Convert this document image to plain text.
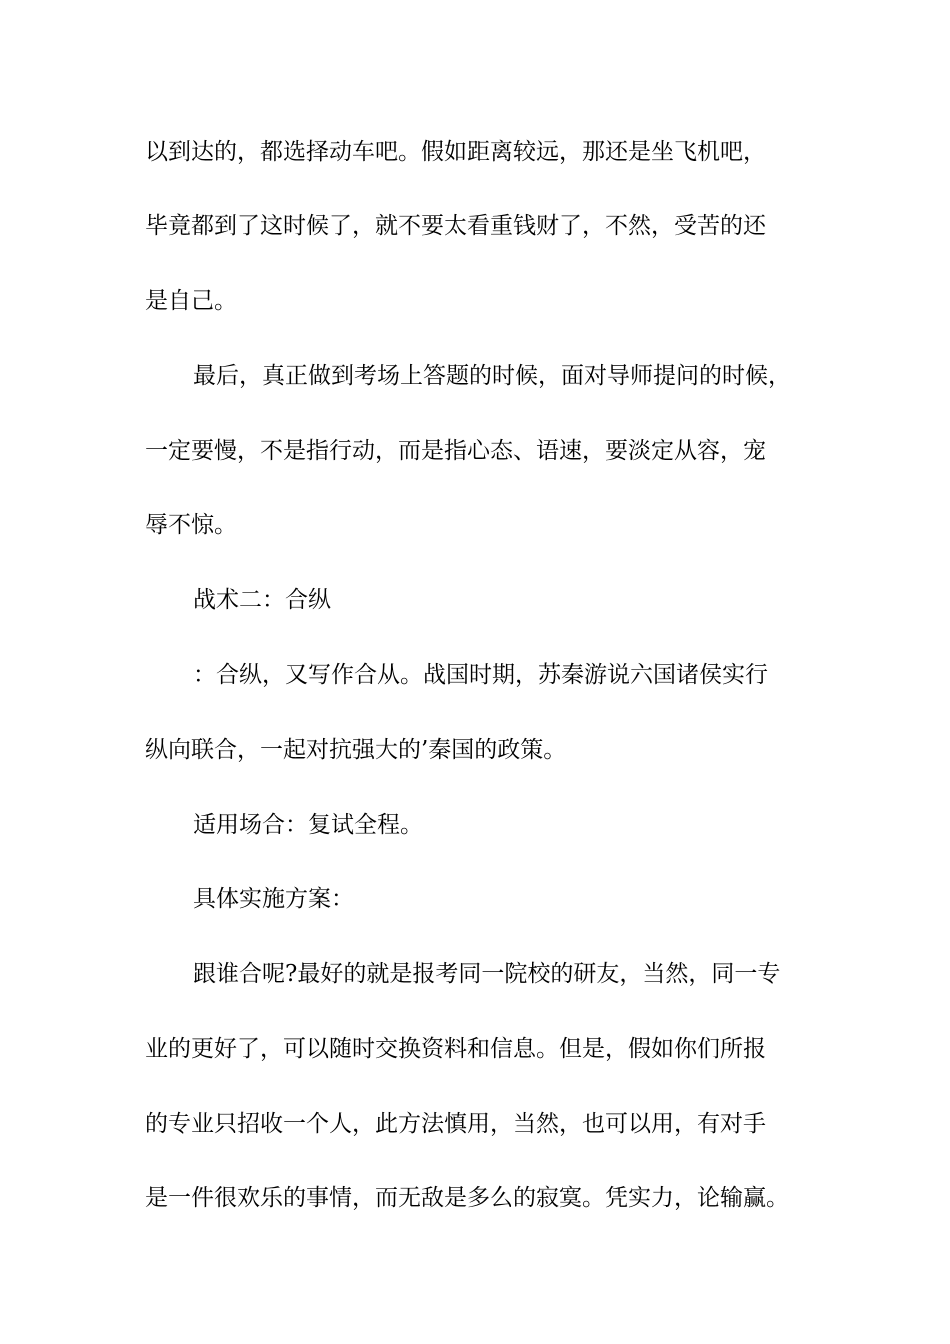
以到达的，都选择动车吧。假如距离较远，那还是坐飞机吧，
毕竟都到了这时候了，就不要太看重钱财了，不然，受苦的还
是自己。
最后，真正做到考场上答题的时候，面对导师提问的时候，
一定要慢，不是指行动，而是指心态、语速，要淡定从容，宠
辱不惊。
战术二：合纵
：合纵，又写作合从。战国时期，苏秦游说六国诸侯实行
纵向联合，一起对抗强大的’秦国的政策。
适用场合：复试全程。
具体实施方案：
跟谁合呢?最好的就是报考同一院校的研友，当然，同一专
业的更好了，可以随时交换资料和信息。但是，假如你们所报
的专业只招收一个人，此方法慎用，当然，也可以用，有对手
是一件很欢乐的事情，而无敌是多么的寂寞。凭实力，论输赢。
